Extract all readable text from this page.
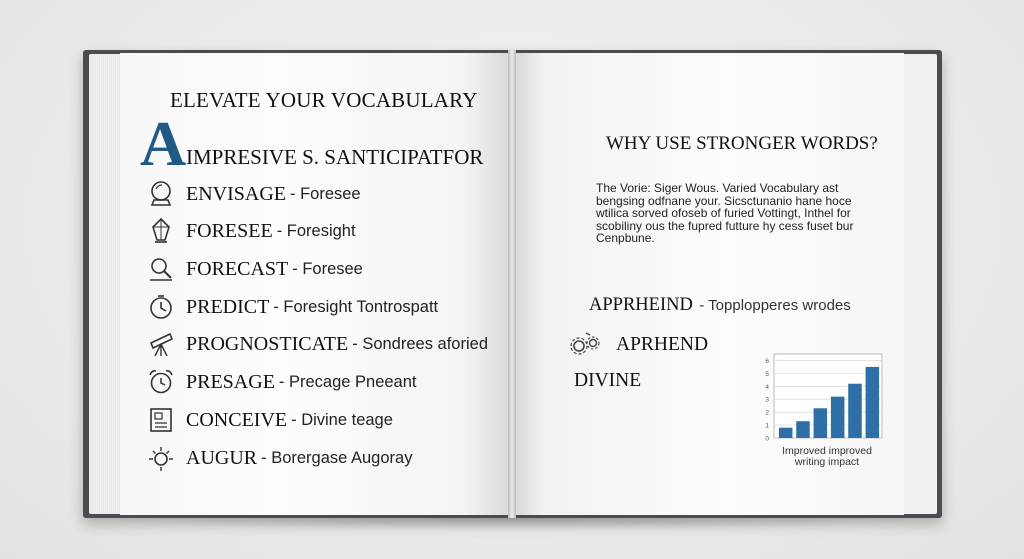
ELEVATE YOUR VOCABULARY
A IMPRESIVE S. SANTICIPATFOR
ENVISAGE - Foresee
FORESEE - Foresight
FORECAST - Foresee
PREDICT - Foresight Tontrospatt
PROGNOSTICATE - Sondrees aforied
PRESAGE - Precage Pneeant
CONCEIVE - Divine teage
AUGUR - Borergase Augoray
WHY USE STRONGER WORDS?
The Vorie: Siger Wous. Varied Vocabulary ast bengsing odfnane your. Sicsctunanio hane hoce wtilica sorved ofoseb of furied Vottingt, Inthel for scobiliny ous the fupred futture hy cess fuset bur Cenpbune.
APPRHEIND - Topplopperes wrodes
APRHEND
DIVINE
0
1
2
3
4
5
6
Improved improved writing impact
